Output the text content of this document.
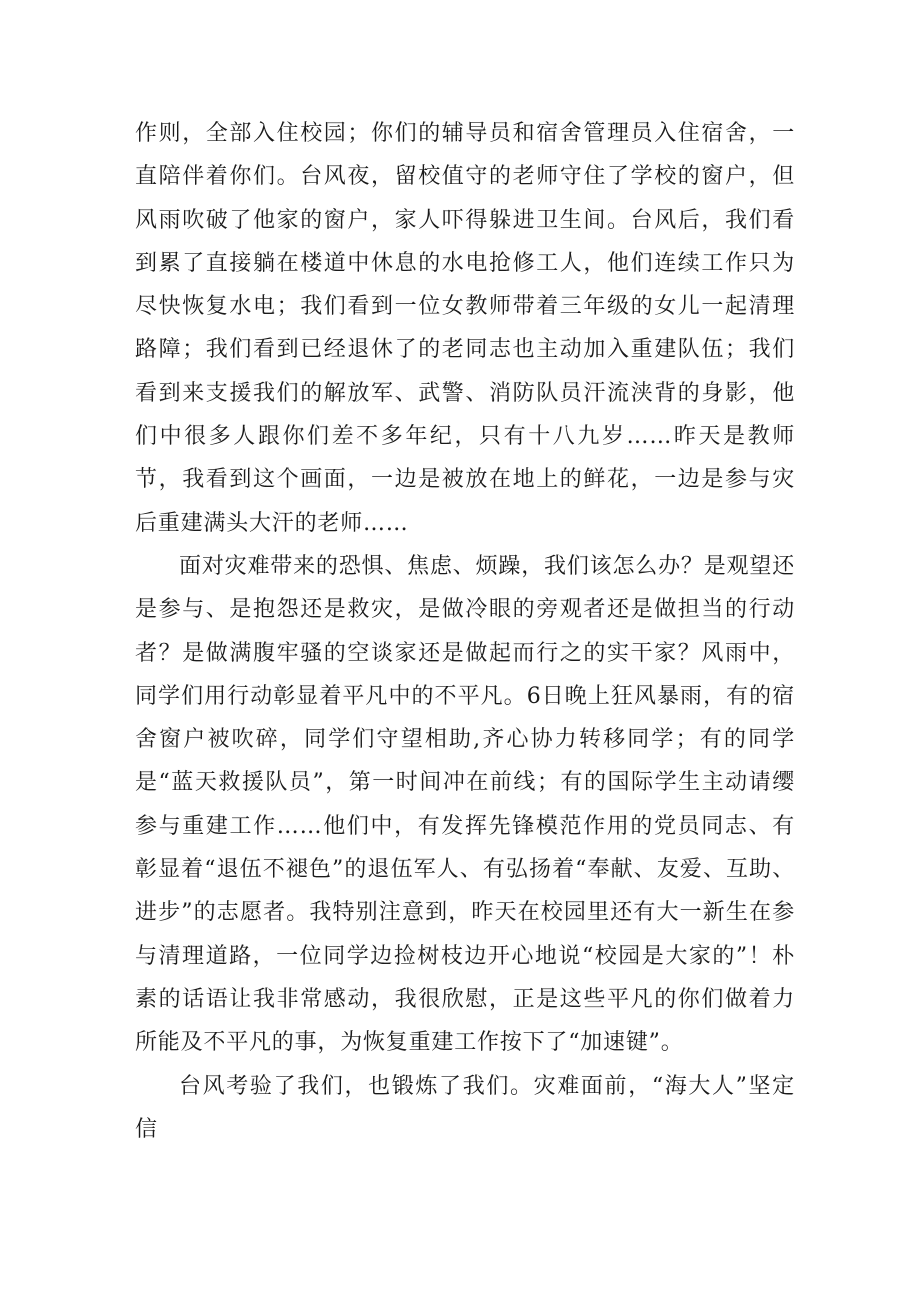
作则，全部入住校园；你们的辅导员和宿舍管理员入住宿舍，一直陪伴着你们。台风夜，留校值守的老师守住了学校的窗户，但风雨吹破了他家的窗户，家人吓得躲进卫生间。台风后，我们看到累了直接躺在楼道中休息的水电抢修工人，他们连续工作只为尽快恢复水电；我们看到一位女教师带着三年级的女儿一起清理路障；我们看到已经退休了的老同志也主动加入重建队伍；我们看到来支援我们的解放军、武警、消防队员汗流浃背的身影，他们中很多人跟你们差不多年纪，只有十八九岁……昨天是教师节，我看到这个画面，一边是被放在地上的鲜花，一边是参与灾后重建满头大汗的老师……

面对灾难带来的恐惧、焦虑、烦躁，我们该怎么办？是观望还是参与、是抱怨还是救灾，是做冷眼的旁观者还是做担当的行动者？是做满腹牢骚的空谈家还是做起而行之的实干家？风雨中，同学们用行动彰显着平凡中的不平凡。6日晚上狂风暴雨，有的宿舍窗户被吹碎，同学们守望相助,齐心协力转移同学；有的同学是“蓝天救援队员”，第一时间冲在前线；有的国际学生主动请缨参与重建工作……他们中，有发挥先锋模范作用的党员同志、有彰显着“退伍不褪色”的退伍军人、有弘扬着“奉献、友爱、互助、进步”的志愿者。我特别注意到，昨天在校园里还有大一新生在参与清理道路，一位同学边捡树枝边开心地说“校园是大家的”！朴素的话语让我非常感动，我很欣慰，正是这些平凡的你们做着力所能及不平凡的事，为恢复重建工作按下了“加速键”。

台风考验了我们，也锻炼了我们。灾难面前，“海大人”坚定信
